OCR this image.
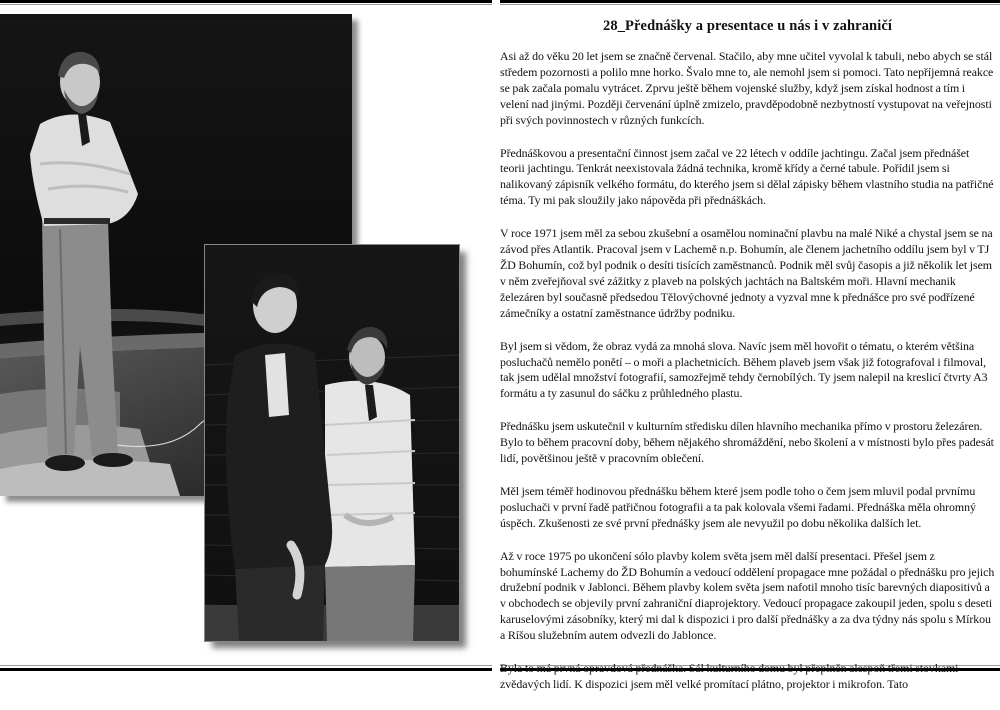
28_Přednášky a presentace u nás i v zahraničí

Asi až do věku 20 let jsem se značně červenal. Stačilo, aby mne učitel vyvolal k tabuli, nebo abych se stál středem pozornosti a polilo mne horko. Švalo mne to, ale nemohl jsem si pomoci. Tato nepříjemná reakce se pak začala pomalu vytrácet. Zprvu ještě během vojenské služby, když jsem získal hodnost a tím i velení nad jinými. Později červenání úplně zmizelo, pravděpodobně nezbytností vystupovat na veřejnosti při svých povinnostech v různých funkcích.

Přednáškovou a presentační činnost jsem začal ve 22 létech v oddíle jachtingu. Začal jsem přednášet teorii jachtingu. Tenkrát neexistovala žádná technika, kromě křídy a černé tabule. Pořídil jsem si nalikovaný zápisník velkého formátu, do kterého jsem si dělal zápisky během vlastního studia na patřičné téma. Ty mi pak sloužily jako nápověda při přednáškách.

V roce 1971 jsem měl za sebou zkušební a osamělou nominační plavbu na malé Niké a chystal jsem se na závod přes Atlantik. Pracoval jsem v Lachemě n.p. Bohumín, ale členem jachetního oddílu jsem byl v TJ ŽD Bohumín, což byl podnik o desíti tisících zaměstnanců. Podnik měl svůj časopis a již několik let jsem v něm zveřejňoval své zážitky z plaveb na polských jachtách na Baltském moři. Hlavní mechanik železáren byl současně předsedou Tělovýchovné jednoty a vyzval mne k přednášce pro své podřízené zámečníky a ostatní zaměstnance údržby podniku.

Byl jsem si vědom, že obraz vydá za mnohá slova. Navíc jsem měl hovořit o tématu, o kterém většina posluchačů nemělo ponětí – o moři a plachetnicích. Během plaveb jsem však již fotografoval i filmoval, tak jsem udělal množství fotografií, samozřejmě tehdy černobílých. Ty jsem nalepil na kreslicí čtvrty A3 formátu a ty zasunul do sáčku z průhledného plastu.

Přednášku jsem uskutečnil v kulturním středisku dílen hlavního mechanika přímo v prostoru železáren. Bylo to během pracovní doby, během nějakého shromáždění, nebo školení a v místnosti bylo přes padesát lidí, povětšinou ještě v pracovním oblečení.

Měl jsem téměř hodinovou přednášku během které jsem podle toho o čem jsem mluvil podal prvnímu posluchači v první řadě patřičnou fotografii a ta pak kolovala všemi řadami. Přednáška měla ohromný úspěch. Zkušenosti ze své první přednášky jsem ale nevyužil po dobu několika dalších let.

Až v roce 1975 po ukončení sólo plavby kolem světa jsem měl další presentaci. Přešel jsem z bohumínské Lachemy do ŽD Bohumín a vedoucí oddělení propagace mne požádal o přednášku pro jejich družební podnik v Jablonci. Během plavby kolem světa jsem nafotil mnoho tisíc barevných diapositivů a v obchodech se objevily první zahraniční diaprojektory. Vedoucí propagace zakoupil jeden, spolu s deseti karuselovými zásobníky, který mi dal k dispozici i pro další přednášky a za dva týdny nás spolu s Mírkou a Ríšou služebním autem odvezli do Jablonce.

Byla to má prvná opravdová přednáška. Sál kulturního domu byl přeplněn alespoň třemi stovkami zvědavých lidí. K dispozici jsem měl velké promítací plátno, projektor i mikrofon. Tato
